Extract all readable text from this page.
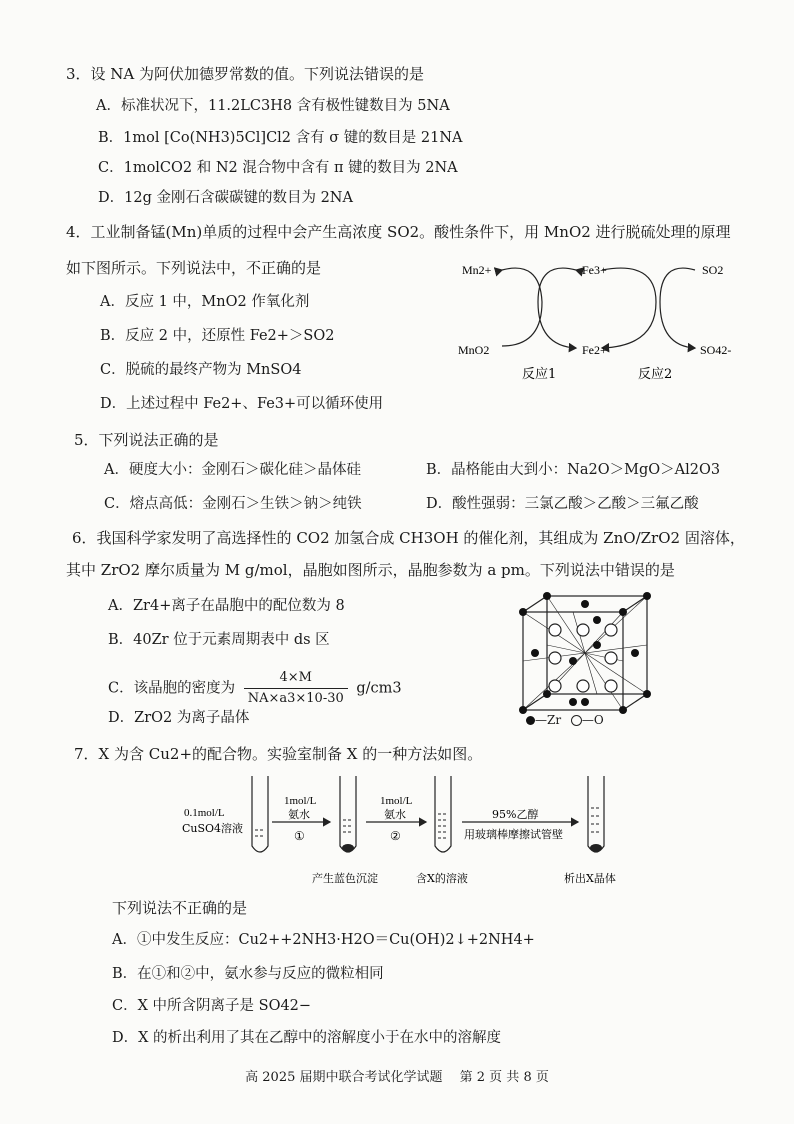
3．设 NA 为阿伏加德罗常数的值。下列说法错误的是
A．标准状况下，11.2LC3H8 含有极性键数目为 5NA
B．1mol [Co(NH3)5Cl]Cl2 含有 σ 键的数目是 21NA
C．1molCO2 和 N2 混合物中含有 π 键的数目为 2NA
D．12g 金刚石含碳碳键的数目为 2NA
4．工业制备锰(Mn)单质的过程中会产生高浓度 SO2。酸性条件下，用 MnO2 进行脱硫处理的原理
如下图所示。下列说法中，不正确的是
A．反应 1 中，MnO2 作氧化剂
B．反应 2 中，还原性 Fe2+＞SO2
C．脱硫的最终产物为 MnSO4
D．上述过程中 Fe2+、Fe3+可以循环使用
Mn2+	Fe3+	SO2
MnO2	Fe2+	SO42-
反应1	反应2
5．下列说法正确的是
A．硬度大小：金刚石＞碳化硅＞晶体硅	B．晶格能由大到小：Na2O＞MgO＞Al2O3
C．熔点高低：金刚石＞生铁＞钠＞纯铁	D．酸性强弱：三氯乙酸＞乙酸＞三氟乙酸
6．我国科学家发明了高选择性的 CO2 加氢合成 CH3OH 的催化剂，其组成为 ZnO/ZrO2 固溶体，
其中 ZrO2 摩尔质量为 M g/mol，晶胞如图所示，晶胞参数为 a pm。下列说法中错误的是
A．Zr4+离子在晶胞中的配位数为 8
B．40Zr 位于元素周期表中 ds 区
C．该晶胞的密度为 $\frac{4\times M}{NA\times a3\times 10-30} g/cm3$
D．ZrO2 为离子晶体	—Zr —O
7．X 为含 Cu2+的配合物。实验室制备 X 的一种方法如图。
0.1mol/L
CuSO4溶液
1mol/L
氨水
①
1mol/L
氨水
②
95%乙醇
用玻璃棒摩擦试管壁
产生蓝色沉淀	含X的溶液	析出X晶体
下列说法不正确的是
A．①中发生反应：Cu2++2NH3·H2O＝Cu(OH)2↓+2NH4+
B．在①和②中，氨水参与反应的微粒相同
C．X 中所含阴离子是 SO42−
D．X 的析出利用了其在乙醇中的溶解度小于在水中的溶解度
高 2025 届期中联合考试化学试题　 第 2 页 共 8 页
